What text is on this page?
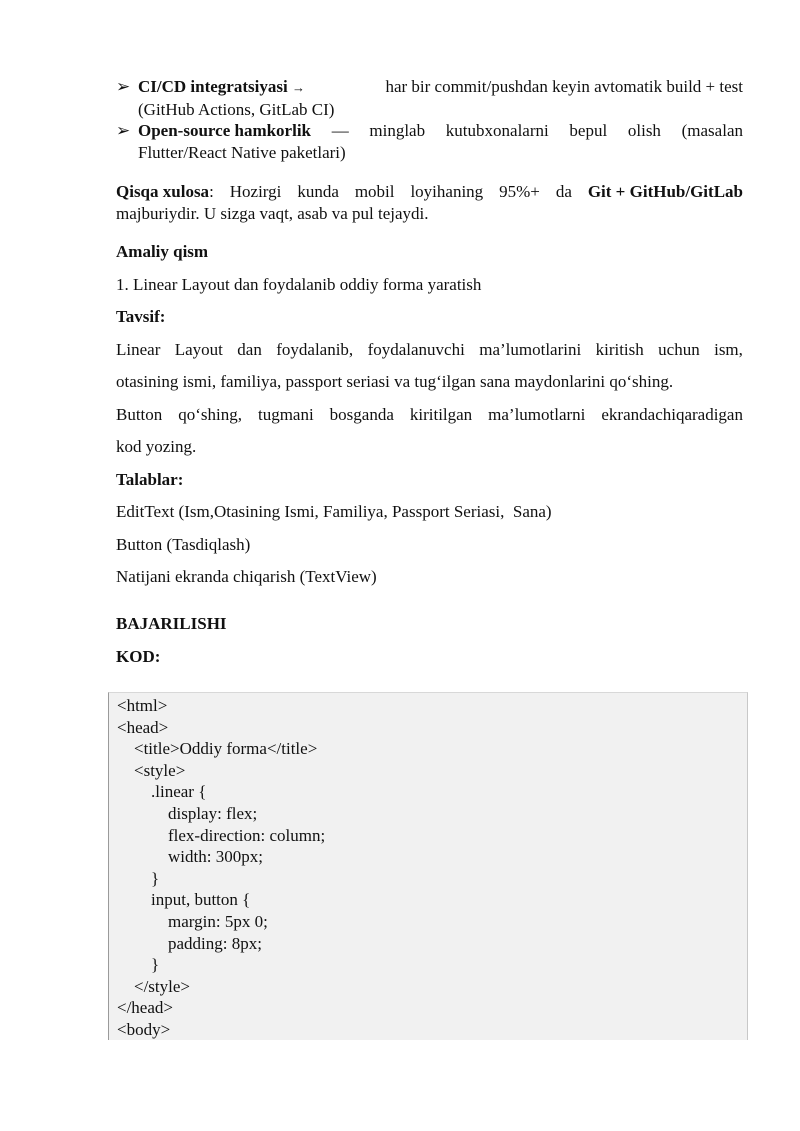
➢ CI/CD integratsiyasi →	har bir commit/pushdan keyin avtomatik build + test
(GitHub Actions, GitLab CI)
➢ Open-source hamkorlik — minglab kutubxonalarni bepul olish (masalan
Flutter/React Native paketlari)
Qisqa xulosa: Hozirgi kunda mobil loyihaning 95%+ da Git + GitHub/GitLab
majburiydir. U sizga vaqt, asab va pul tejaydi.
Amaliy qism
1. Linear Layout dan foydalanib oddiy forma yaratish
Tavsif:
Linear Layout dan foydalanib, foydalanuvchi ma’lumotlarini kiritish uchun ism,
otasining ismi, familiya, passport seriasi va tug‘ilgan sana maydonlarini qo‘shing.
Button qo‘shing, tugmani bosganda kiritilgan ma’lumotlarni ekrandachiqaradigan
kod yozing.
Talablar:
EditText (Ism,Otasining Ismi, Familiya, Passport Seriasi,  Sana)
Button (Tasdiqlash)
Natijani ekranda chiqarish (TextView)
BAJARILISHI
KOD:
<html>
<head>
<title>Oddiy forma</title>
<style>
.linear {
display: flex;
flex-direction: column;
width: 300px;
}
input, button {
margin: 5px 0;
padding: 8px;
}
</style>
</head>
<body>
